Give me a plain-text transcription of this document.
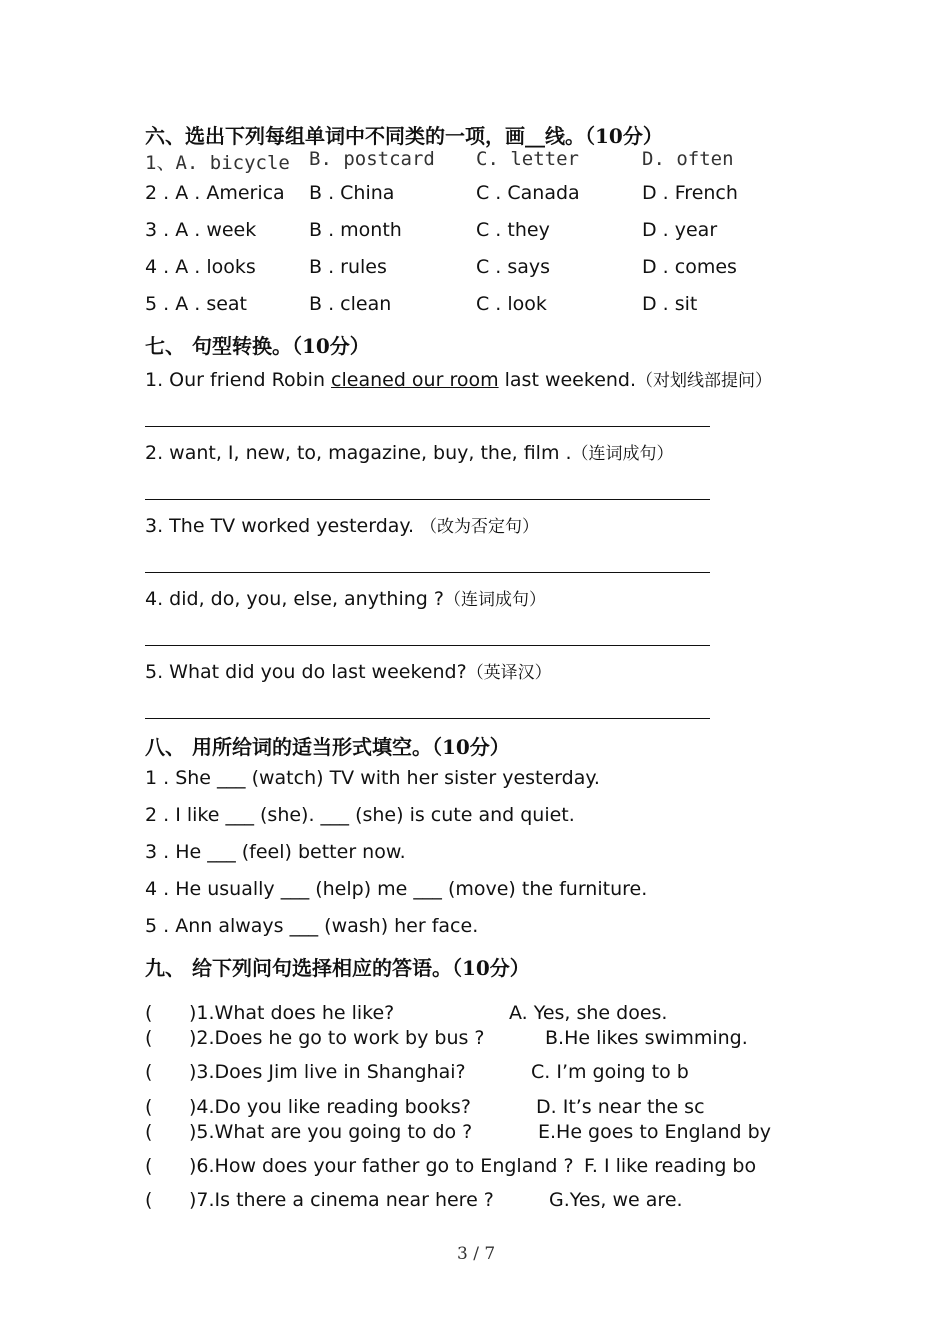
六、选出下列每组单词中不同类的一项，画__线。（10分）
1、A. bicycle B. postcard C. letter	D. often
2 . A . America B . China	C . Canada	D . French
3 . A . week	B . month	C . they	D . year
4 . A . looks	B . rules	C . says	D . comes
5 . A . seat	B . clean	C . look	D . sit
七、 句型转换。（10分）
1. Our friend Robin cleaned our room last weekend.（对划线部提问）
2. want, I, new, to, magazine, buy, the, film .（连词成句）
3. The TV worked yesterday. （改为否定句）
4. did, do, you, else, anything ?（连词成句）
5. What did you do last weekend?（英译汉）
八、 用所给词的适当形式填空。（10分）
1 . She ___ (watch) TV with her sister yesterday.
2 . I like ___ (she). ___ (she) is cute and quiet.
3 . He ___ (feel) better now.
4 . He usually ___ (help) me ___ (move) the furniture.
5 . Ann always ___ (wash) her face.
九、 给下列问句选择相应的答语。（10分）
( )1.What does he like?	A. Yes, she does.
( )2.Does he go to work by bus ?	B.He likes swimming.
( )3.Does Jim live in Shanghai?	C. I’m going to b
( )4.Do you like reading books?	D. It’s near the sc
( )5.What are you going to do ?	E.He goes to England by
( )6.How does your father go to England ? F. I like reading bo
( )7.Is there a cinema near here ?	G.Yes, we are.
3 / 7
